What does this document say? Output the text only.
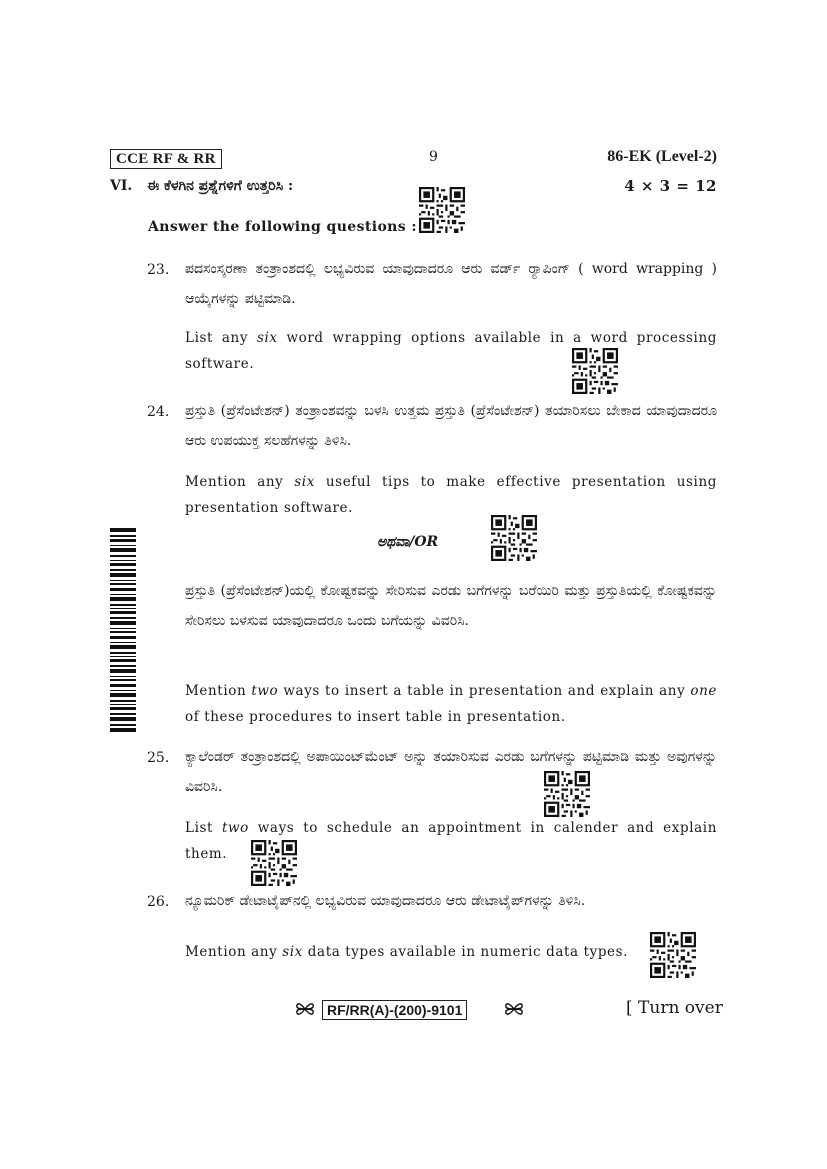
CCE RF & RR	9	86-EK (Level-2)
VI. ಈ ಕೆಳಗಿನ ಪ್ರಶ್ನೆಗಳಿಗೆ ಉತ್ತರಿಸಿ :	4 × 3 = 12
Answer the following questions :
23. ಪದಸಂಸ್ಕರಣಾ ತಂತ್ರಾಂಶದಲ್ಲಿ ಲಭ್ಯವಿರುವ ಯಾವುದಾದರೂ ಆರು ವರ್ಡ್ ರ್‍ಯಾಪಿಂಗ್ ( word wrapping ) ಆಯ್ಕೆಗಳನ್ನು ಪಟ್ಟಿಮಾಡಿ.
List any six word wrapping options available in a word processing software.
24. ಪ್ರಸ್ತುತಿ (ಪ್ರೆಸೆಂಟೇಶನ್) ತಂತ್ರಾಂಶವನ್ನು ಬಳಸಿ ಉತ್ತಮ ಪ್ರಸ್ತುತಿ (ಪ್ರೆಸೆಂಟೇಶನ್) ತಯಾರಿಸಲು ಬೇಕಾದ ಯಾವುದಾದರೂ ಆರು ಉಪಯುಕ್ತ ಸಲಹೆಗಳನ್ನು ತಿಳಿಸಿ.
Mention any six useful tips to make effective presentation using presentation software.
ಅಥವಾ/OR
ಪ್ರಸ್ತುತಿ (ಪ್ರೆಸೆಂಟೇಶನ್)ಯಲ್ಲಿ ಕೋಷ್ಟಕವನ್ನು ಸೇರಿಸುವ ಎರಡು ಬಗೆಗಳನ್ನು ಬರೆಯಿರಿ ಮತ್ತು ಪ್ರಸ್ತುತಿಯಲ್ಲಿ ಕೋಷ್ಟಕವನ್ನು ಸೇರಿಸಲು ಬಳಸುವ ಯಾವುದಾದರೂ ಒಂದು ಬಗೆಯನ್ನು ವಿವರಿಸಿ.
Mention two ways to insert a table in presentation and explain any one of these procedures to insert table in presentation.
25. ಕ್ಯಾಲೆಂಡರ್ ತಂತ್ರಾಂಶದಲ್ಲಿ ಅಪಾಯಿಂಟ್‌ಮೆಂಟ್ ಅನ್ನು ತಯಾರಿಸುವ ಎರಡು ಬಗೆಗಳನ್ನು ಪಟ್ಟಿಮಾಡಿ ಮತ್ತು ಅವುಗಳನ್ನು ವಿವರಿಸಿ.
List two ways to schedule an appointment in calender and explain them.
26. ನ್ಯೂಮರಿಕ್ ಡೇಟಾಟೈಪ್‌ನಲ್ಲಿ ಲಭ್ಯವಿರುವ ಯಾವುದಾದರೂ ಆರು ಡೇಟಾಟೈಪ್‌ಗಳನ್ನು ತಿಳಿಸಿ.
Mention any six data types available in numeric data types.
RF/RR(A)-(200)-9101	[ Turn over
